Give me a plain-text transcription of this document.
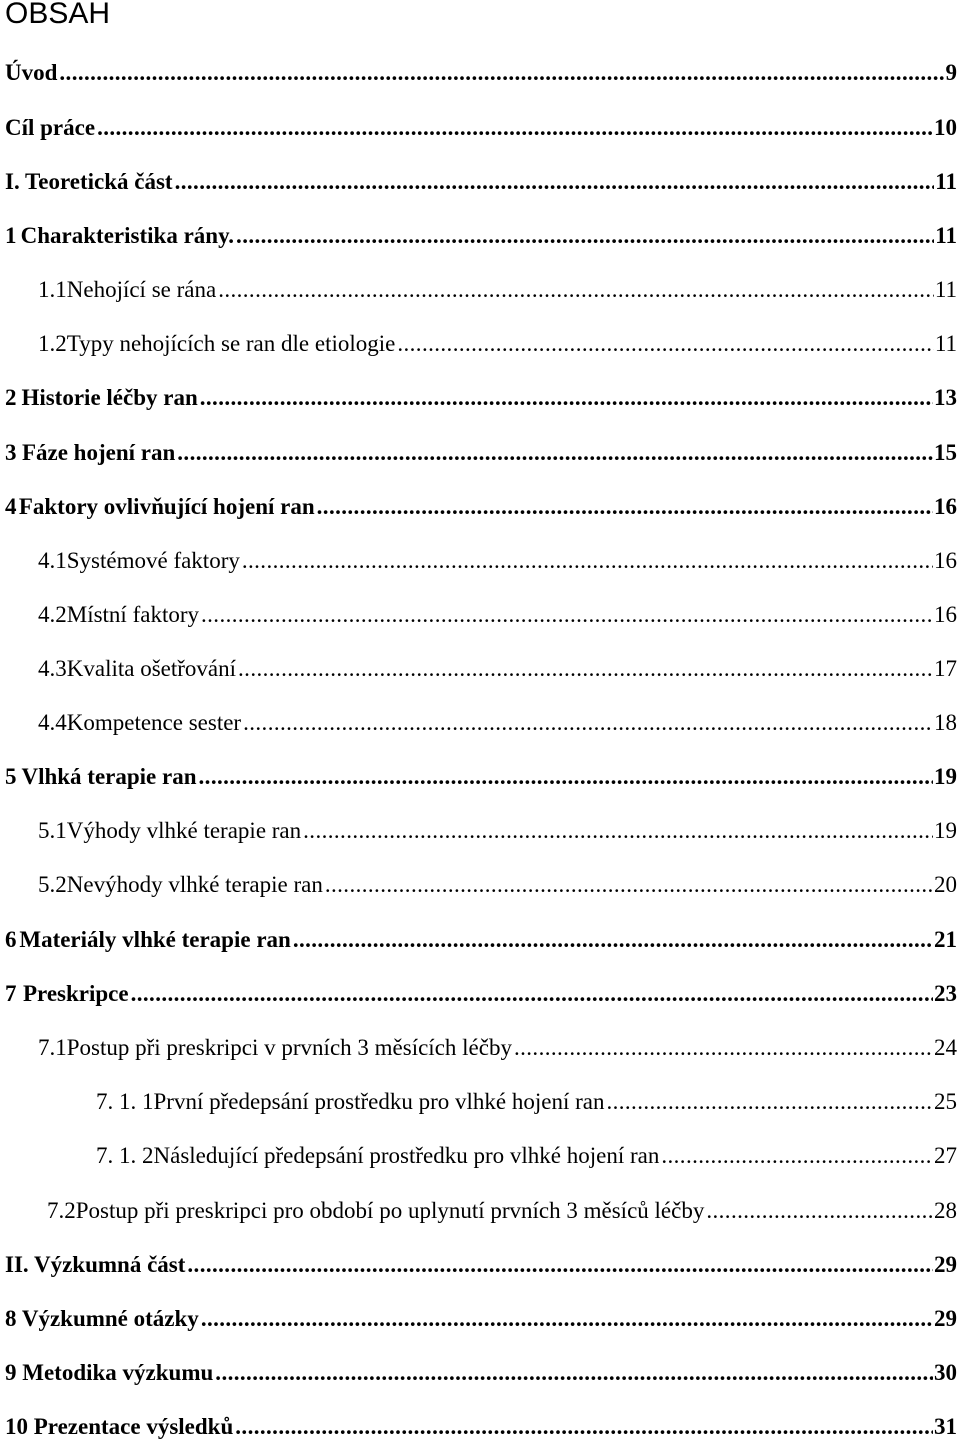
OBSAH
Úvod .....	9
Cíl práce .....	10
I. Teoretická část .....	11
1 Charakteristika rány. .....	11
1.1 Nehojící se rána .....	11
1.2 Typy nehojících se ran dle etiologie .....	11
2 Historie léčby ran .....	13
3 Fáze hojení ran .....	15
4 Faktory ovlivňující hojení ran .....	16
4.1 Systémové faktory .....	16
4.2 Místní faktory .....	16
4.3 Kvalita ošetřování .....	17
4.4 Kompetence sester .....	18
5 Vlhká terapie ran .....	19
5.1 Výhody vlhké terapie ran .....	19
5.2 Nevýhody vlhké terapie ran .....	20
6 Materiály vlhké terapie ran .....	21
7 Preskripce .....	23
7.1 Postup při preskripci v prvních 3 měsících léčby .....	24
7. 1. 1 První předepsání prostředku pro vlhké hojení ran .....	25
7. 1. 2 Následující předepsání prostředku pro vlhké hojení ran .....	27
7.2 Postup při preskripci pro období po uplynutí prvních 3 měsíců léčby .....	28
II. Výzkumná část .....	29
8 Výzkumné otázky .....	29
9 Metodika výzkumu .....	30
10 Prezentace výsledků .....	31
